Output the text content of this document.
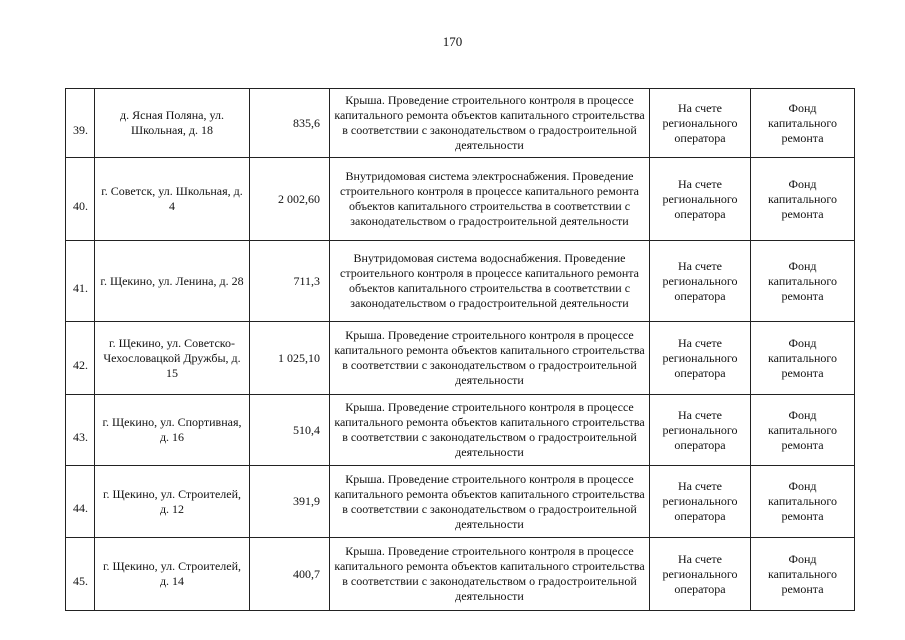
170
39.	д. Ясная Поляна, ул. Школьная, д. 18	835,6	Крыша. Проведение строительного контроля в процессе капитального ремонта объектов капитального строительства в соответствии с законодательством о градостроительной деятельности	На счете регионального оператора	Фонд капитального ремонта
40.	г. Советск, ул. Школьная, д. 4	2 002,60	Внутридомовая система электроснабжения. Проведение строительного контроля в процессе капитального ремонта объектов капитального строительства в соответствии с законодательством о градостроительной деятельности	На счете регионального оператора	Фонд капитального ремонта
41.	г. Щекино, ул. Ленина, д. 28	711,3	Внутридомовая система водоснабжения. Проведение строительного контроля в процессе капитального ремонта объектов капитального строительства в соответствии с законодательством о градостроительной деятельности	На счете регионального оператора	Фонд капитального ремонта
42.	г. Щекино, ул. Советско-Чехословацкой Дружбы, д. 15	1 025,10	Крыша. Проведение строительного контроля в процессе капитального ремонта объектов капитального строительства в соответствии с законодательством о градостроительной деятельности	На счете регионального оператора	Фонд капитального ремонта
43.	г. Щекино, ул. Спортивная, д. 16	510,4	Крыша. Проведение строительного контроля в процессе капитального ремонта объектов капитального строительства в соответствии с законодательством о градостроительной деятельности	На счете регионального оператора	Фонд капитального ремонта
44.	г. Щекино, ул. Строителей, д. 12	391,9	Крыша. Проведение строительного контроля в процессе капитального ремонта объектов капитального строительства в соответствии с законодательством о градостроительной деятельности	На счете регионального оператора	Фонд капитального ремонта
45.	г. Щекино, ул. Строителей, д. 14	400,7	Крыша. Проведение строительного контроля в процессе капитального ремонта объектов капитального строительства в соответствии с законодательством о градостроительной деятельности	На счете регионального оператора	Фонд капитального ремонта
